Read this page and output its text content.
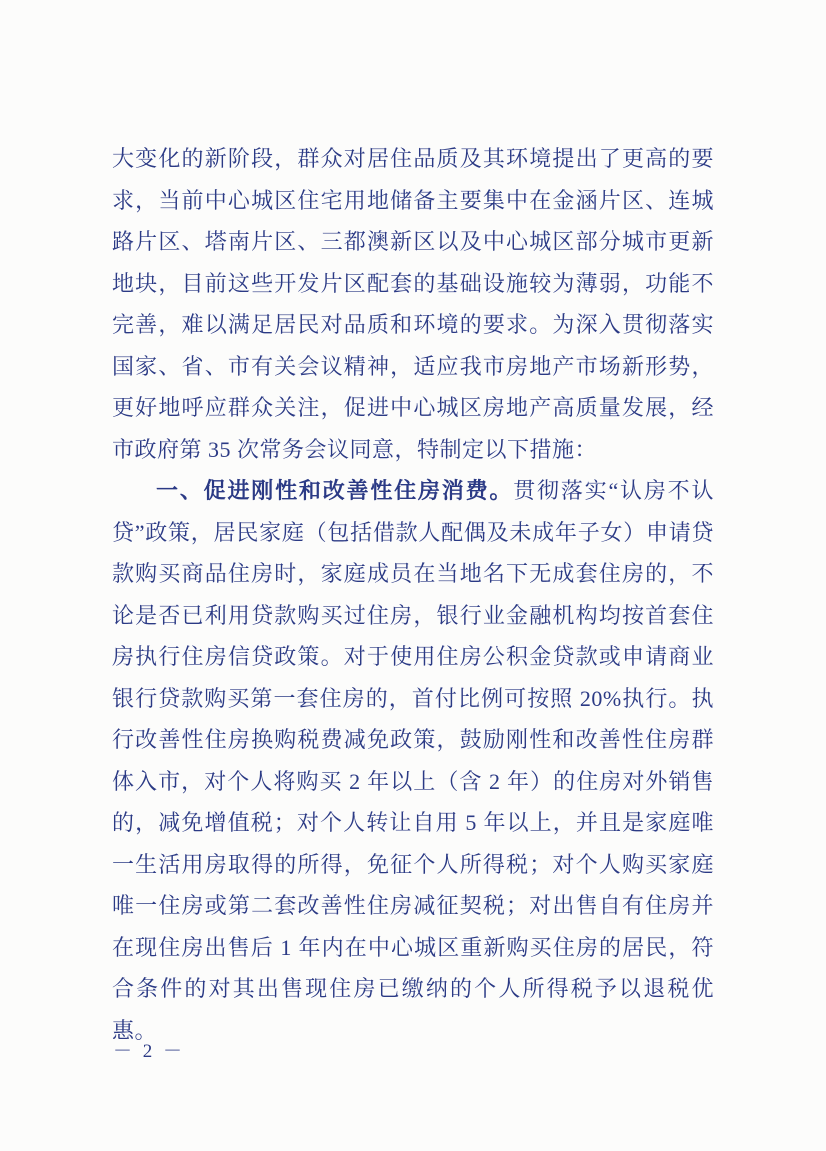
大变化的新阶段，群众对居住品质及其环境提出了更高的要求，当前中心城区住宅用地储备主要集中在金涵片区、连城路片区、塔南片区、三都澳新区以及中心城区部分城市更新地块，目前这些开发片区配套的基础设施较为薄弱，功能不完善，难以满足居民对品质和环境的要求。为深入贯彻落实国家、省、市有关会议精神，适应我市房地产市场新形势，更好地呼应群众关注，促进中心城区房地产高质量发展，经市政府第 35 次常务会议同意，特制定以下措施：

一、促进刚性和改善性住房消费。贯彻落实“认房不认贷”政策，居民家庭（包括借款人配偶及未成年子女）申请贷款购买商品住房时，家庭成员在当地名下无成套住房的，不论是否已利用贷款购买过住房，银行业金融机构均按首套住房执行住房信贷政策。对于使用住房公积金贷款或申请商业银行贷款购买第一套住房的，首付比例可按照 20%执行。执行改善性住房换购税费减免政策，鼓励刚性和改善性住房群体入市，对个人将购买 2 年以上（含 2 年）的住房对外销售的，减免增值税；对个人转让自用 5 年以上，并且是家庭唯一生活用房取得的所得，免征个人所得税；对个人购买家庭唯一住房或第二套改善性住房减征契税；对出售自有住房并在现住房出售后 1 年内在中心城区重新购买住房的居民，符合条件的对其出售现住房已缴纳的个人所得税予以退税优惠。

－ 2 －
